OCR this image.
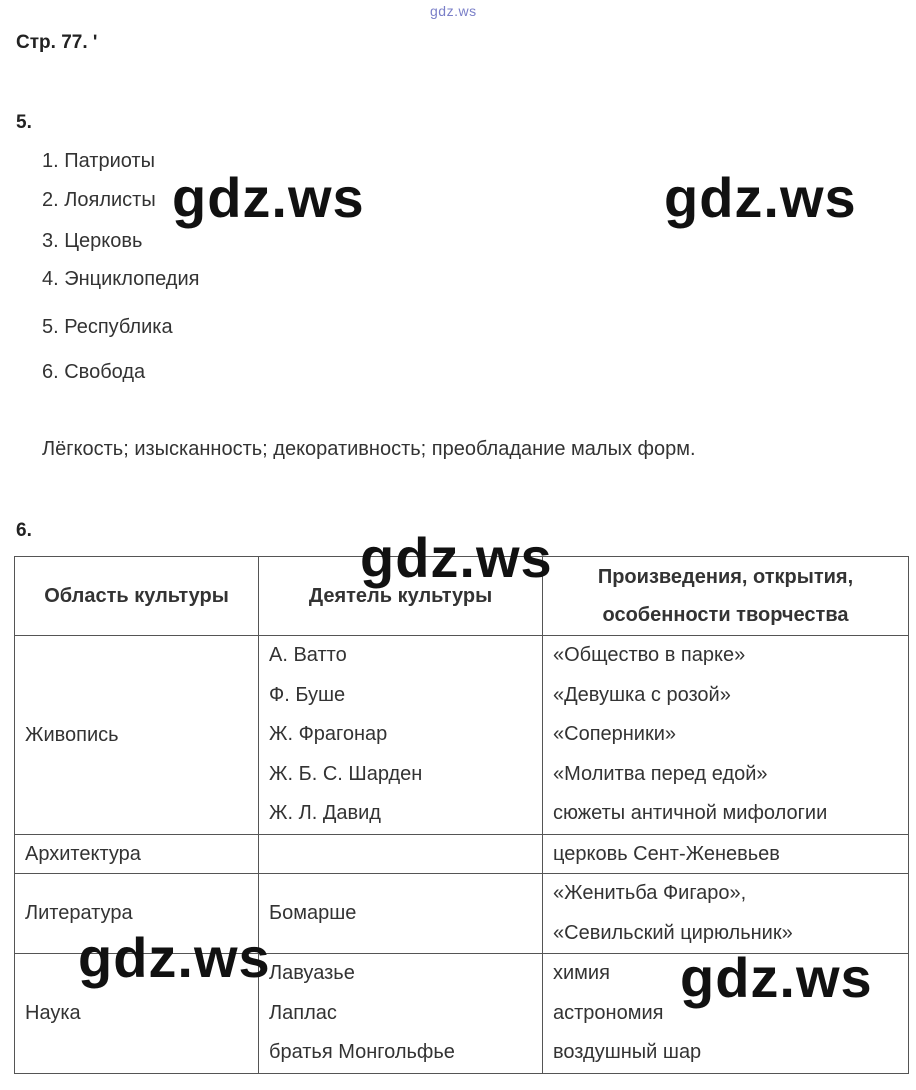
gdz.ws
Стр. 77. ʹ
5.
1. Патриоты
2. Лоялисты
3. Церковь
4. Энциклопедия
5. Республика
6. Свобода
Лёгкость; изысканность; декоративность; преобладание малых форм.
6.
Область культуры	Деятель культуры	Произведения, открытия,
особенности творчества

Живопись	А. Ватто
Ф. Буше
Ж. Фрагонар
Ж. Б. С. Шарден
Ж. Л. Давид	«Общество в парке»
«Девушка с розой»
«Соперники»
«Молитва перед едой»
сюжеты античной мифологии

Архитектура		церковь Сент-Женевьев

Литература	Бомарше	«Женитьба Фигаро»,
«Севильский цирюльник»

Наука	Лавуазье
Лаплас
братья Монгольфье	химия
астрономия
воздушный шар
gdz.ws	gdz.ws
gdz.ws
gdz.ws	gdz.ws
